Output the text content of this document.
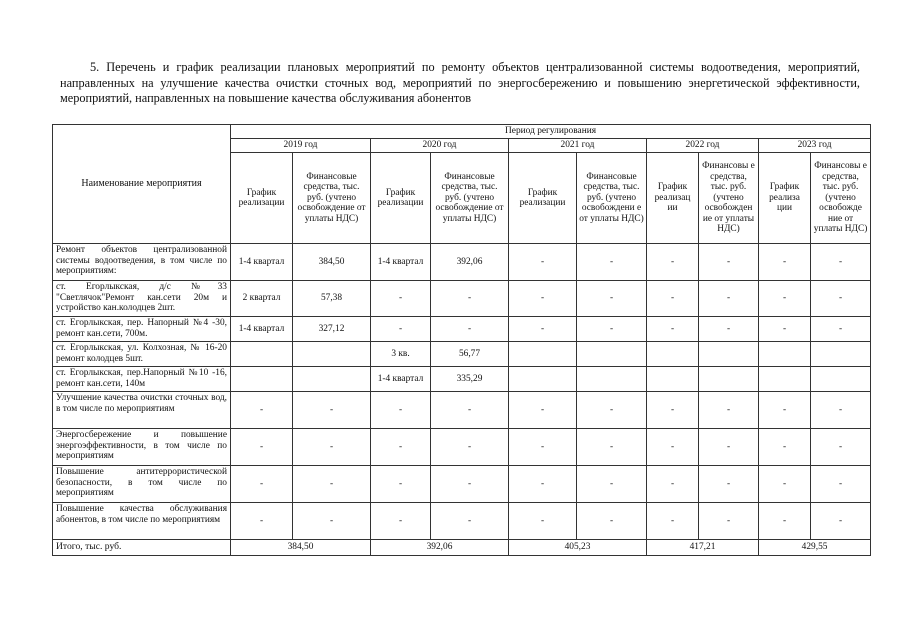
5. Перечень и график реализации плановых мероприятий по ремонту объектов централизованной системы водоотведения, мероприятий, направленных на улучшение качества очистки сточных вод, мероприятий по энергосбережению и повышению энергетической эффективности, мероприятий, направленных на повышение качества обслуживания абонентов
Наименование мероприятия	Период регулирования									
	2019 год		2020 год		2021 год		2022 год		2023 год	
	График реализации	Финансовые средства, тыс. руб. (учтено освобождение от уплаты НДС)	График реализации	Финансовые средства, тыс. руб. (учтено освобождение от уплаты НДС)	График реализации	Финансовые средства, тыс. руб. (учтено освобождени е от уплаты НДС)	График реализац ии	Финансовы е средства, тыс. руб. (учтено освобожден ие от уплаты НДС)	График реализа ции	Финансовы е средства, тыс. руб. (учтено освобожде ние от уплаты НДС)
Ремонт объектов централизованной системы водоотведения, в том числе по мероприятиям:	1-4 квартал	384,50	1-4 квартал	392,06	-	-	-	-	-	-
ст. Егорлыкская, д/с №33 "Светлячок"Ремонт кан.сети 20м и устройство кан.колодцев 2шт.	2 квартал	57,38	-	-	-	-	-	-	-	-
ст. Егорлыкская, пер. Напорный №4 -30, ремонт кан.сети, 700м.	1-4 квартал	327,12	-	-	-	-	-	-	-	-
ст. Егорлыкская, ул. Колхозная, № 16-20 ремонт колодцев 5шт.			3 кв.	56,77						
ст. Егорлыкская, пер.Напорный №10 -16, ремонт кан.сети, 140м			1-4 квартал	335,29						
Улучшение качества очистки сточных вод, в том числе по мероприятиям	-	-	-	-	-	-	-	-	-	-
Энергосбережение и повышение энергоэффективности, в том числе по мероприятиям	-	-	-	-	-	-	-	-	-	-
Повышение антитеррористической безопасности, в том числе по мероприятиям	-	-	-	-	-	-	-	-	-	-
Повышение качества обслуживания абонентов, в том числе по мероприятиям	-	-	-	-	-	-	-	-	-	-
Итого, тыс. руб.	384,50		392,06		405,23		417,21		429,55	
